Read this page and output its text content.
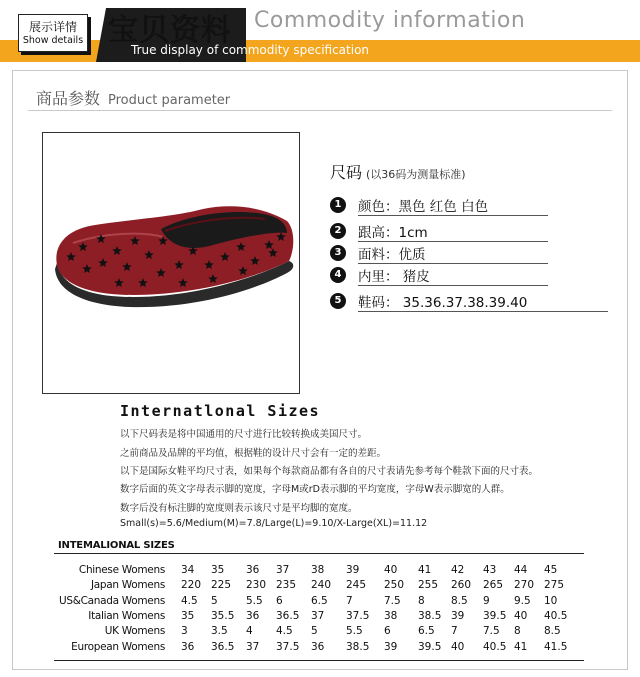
展示详情
Show details 宝贝资料 Commodity information
True display of commodity specification
商品参数 Product parameter
尺码 (以36码为测量标准)
1	颜色：黑色 红色 白色
2	跟高：1cm
3	面料：优质
4	内里： 猪皮
5	鞋码： 35.36.37.38.39.40
Internatlonal Sizes
以下尺码表是将中国通用的尺寸进行比较转换成美国尺寸。
之前商品及品牌的平均值，根据鞋的设计尺寸会有一定的差距。
以下是国际女鞋平均尺寸表，如果每个每款商品都有各自的尺寸表请先参考每个鞋款下面的尺寸表。
数字后面的英文字母表示脚的宽度，字母M或rD表示脚的平均宽度，字母W表示脚宽的人群。
数字后没有标注脚的宽度则表示该尺寸是平均脚的宽度。
Small(s)=5.6/Medium(M)=7.8/Large(L)=9.10/X-Large(XL)=11.12
INTEMALIONAL SIZES
Chinese Womens 34 35 36 37 38 39 40 41 42 43 44 45
Japan Womens 220 225 230 235 240 245 250 255 260 265 270 275
US&Canada Womens 4.5 5	5.5 6	6.5 7	7.5 8	8.5 9 9.5 10
Italian Womens 35 35.5 36 36.5 37 37.5 38 38.5 39 39.5 40 40.5
UK Womens 3 3.5 4 4.5 5	5.5 6	6.5 7 7.5 8 8.5
European Womens 36 36.5 37 37.5 36 38.5 39 39.5 40 40.5 41 41.5
